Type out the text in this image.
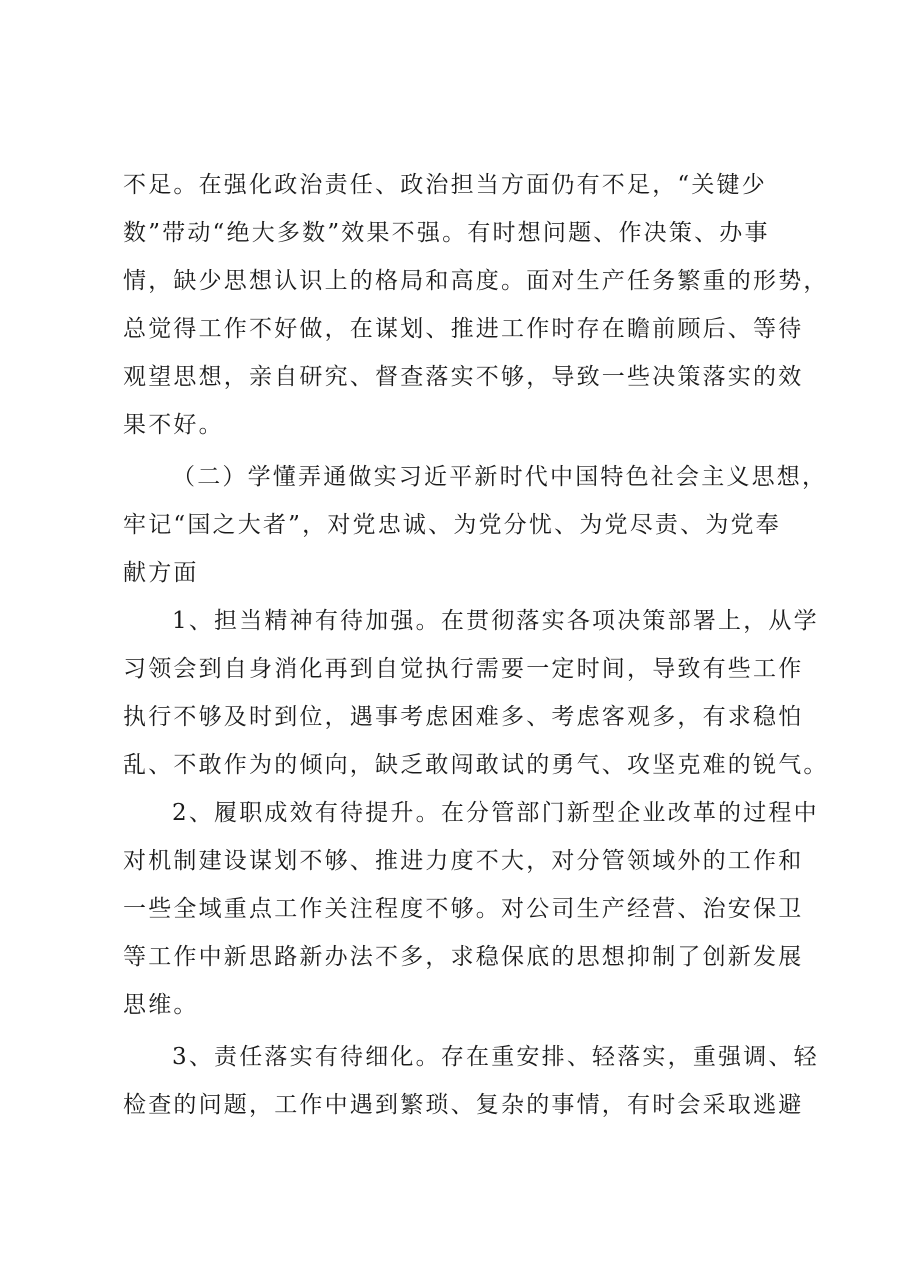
不足。在强化政治责任、政治担当方面仍有不足，“关键少
数”带动“绝大多数”效果不强。有时想问题、作决策、办事
情，缺少思想认识上的格局和高度。面对生产任务繁重的形势，
总觉得工作不好做，在谋划、推进工作时存在瞻前顾后、等待
观望思想，亲自研究、督查落实不够，导致一些决策落实的效
果不好。
（二）学懂弄通做实习近平新时代中国特色社会主义思想，
牢记“国之大者”，对党忠诚、为党分忧、为党尽责、为党奉
献方面
1、担当精神有待加强。在贯彻落实各项决策部署上，从学
习领会到自身消化再到自觉执行需要一定时间，导致有些工作
执行不够及时到位，遇事考虑困难多、考虑客观多，有求稳怕
乱、不敢作为的倾向，缺乏敢闯敢试的勇气、攻坚克难的锐气。
2、履职成效有待提升。在分管部门新型企业改革的过程中
对机制建设谋划不够、推进力度不大，对分管领域外的工作和
一些全域重点工作关注程度不够。对公司生产经营、治安保卫
等工作中新思路新办法不多，求稳保底的思想抑制了创新发展
思维。
3、责任落实有待细化。存在重安排、轻落实，重强调、轻
检查的问题，工作中遇到繁琐、复杂的事情，有时会采取逃避
